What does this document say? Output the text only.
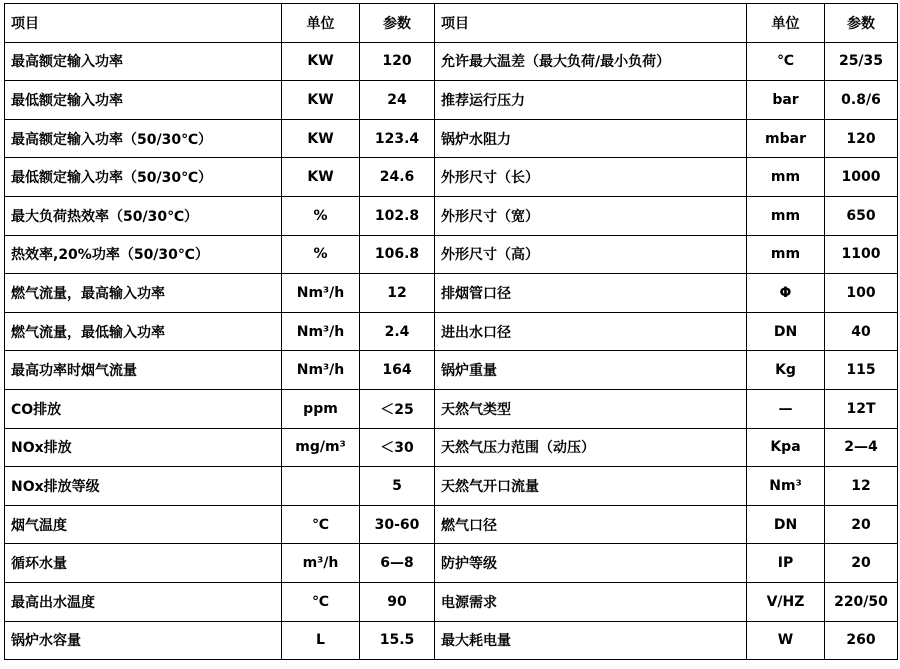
项目	单位	参数	项目	单位	参数
最高额定输入功率	KW	120	允许最大温差（最大负荷/最小负荷）	℃	25/35
最低额定输入功率	KW	24	推荐运行压力	bar	0.8/6
最高额定输入功率（50/30℃）	KW	123.4	锅炉水阻力	mbar	120
最低额定输入功率（50/30℃）	KW	24.6	外形尺寸（长）	mm	1000
最大负荷热效率（50/30℃）	%	102.8	外形尺寸（宽）	mm	650
热效率,20%功率（50/30℃）	%	106.8	外形尺寸（高）	mm	1100
燃气流量，最高输入功率	Nm³/h	12	排烟管口径	Φ	100
燃气流量，最低输入功率	Nm³/h	2.4	进出水口径	DN	40
最高功率时烟气流量	Nm³/h	164	锅炉重量	Kg	115
CO排放	ppm	＜25	天然气类型	—	12T
NOx排放	mg/m³	＜30	天然气压力范围（动压）	Kpa	2—4
NOx排放等级		5	天然气开口流量	Nm³	12
烟气温度	℃	30-60	燃气口径	DN	20
循环水量	m³/h	6—8	防护等级	IP	20
最高出水温度	℃	90	电源需求	V/HZ	220/50
锅炉水容量	L	15.5	最大耗电量	W	260
